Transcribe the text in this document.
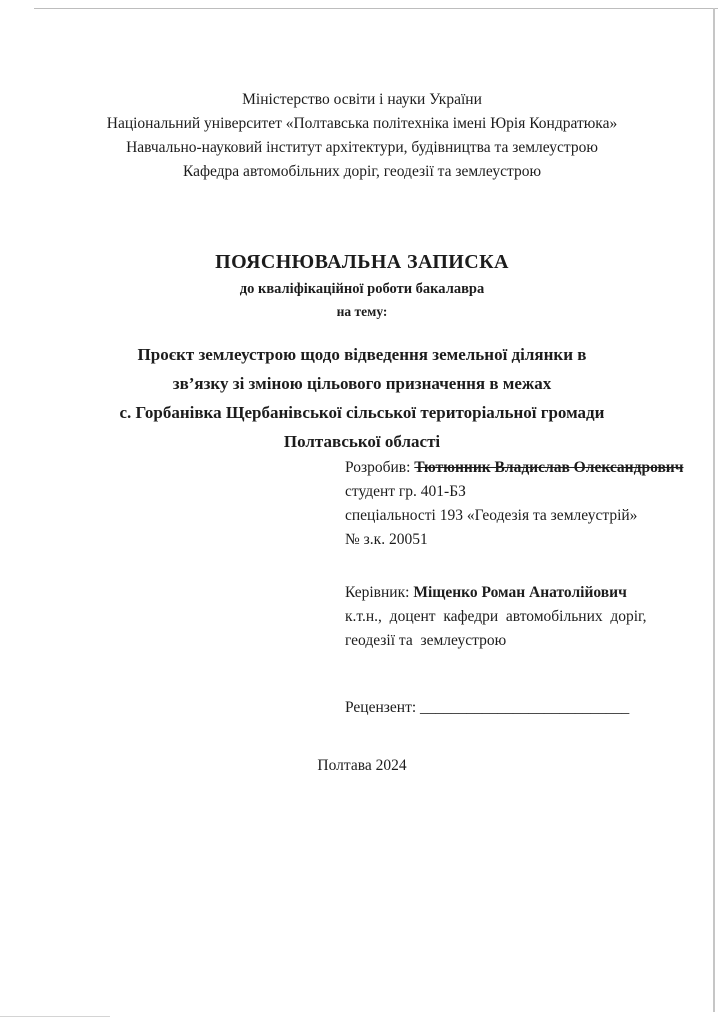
Міністерство освіти і науки України
Національний університет «Полтавська політехніка імені Юрія Кондратюка»
Навчально-науковий інститут архітектури, будівництва та землеустрою
Кафедра автомобільних доріг, геодезії та землеустрою
ПОЯСНЮВАЛЬНА ЗАПИСКА
до кваліфікаційної роботи бакалавра
на тему:
Проєкт землеустрою щодо відведення земельної ділянки в
зв’язку зі зміною цільового призначення в межах
с. Горбанівка Щербанівської сільської територіальної громади
Полтавської області
Розробив: Тютюнник Владислав Олександрович
студент гр. 401-БЗ
спеціальності 193 «Геодезія та землеустрій»
№ з.к. 20051
Керівник: Міщенко Роман Анатолійович
к.т.н.,  доцент  кафедри  автомобільних  доріг,
геодезії та  землеустрою
Рецензент: ___________________________
Полтава 2024
